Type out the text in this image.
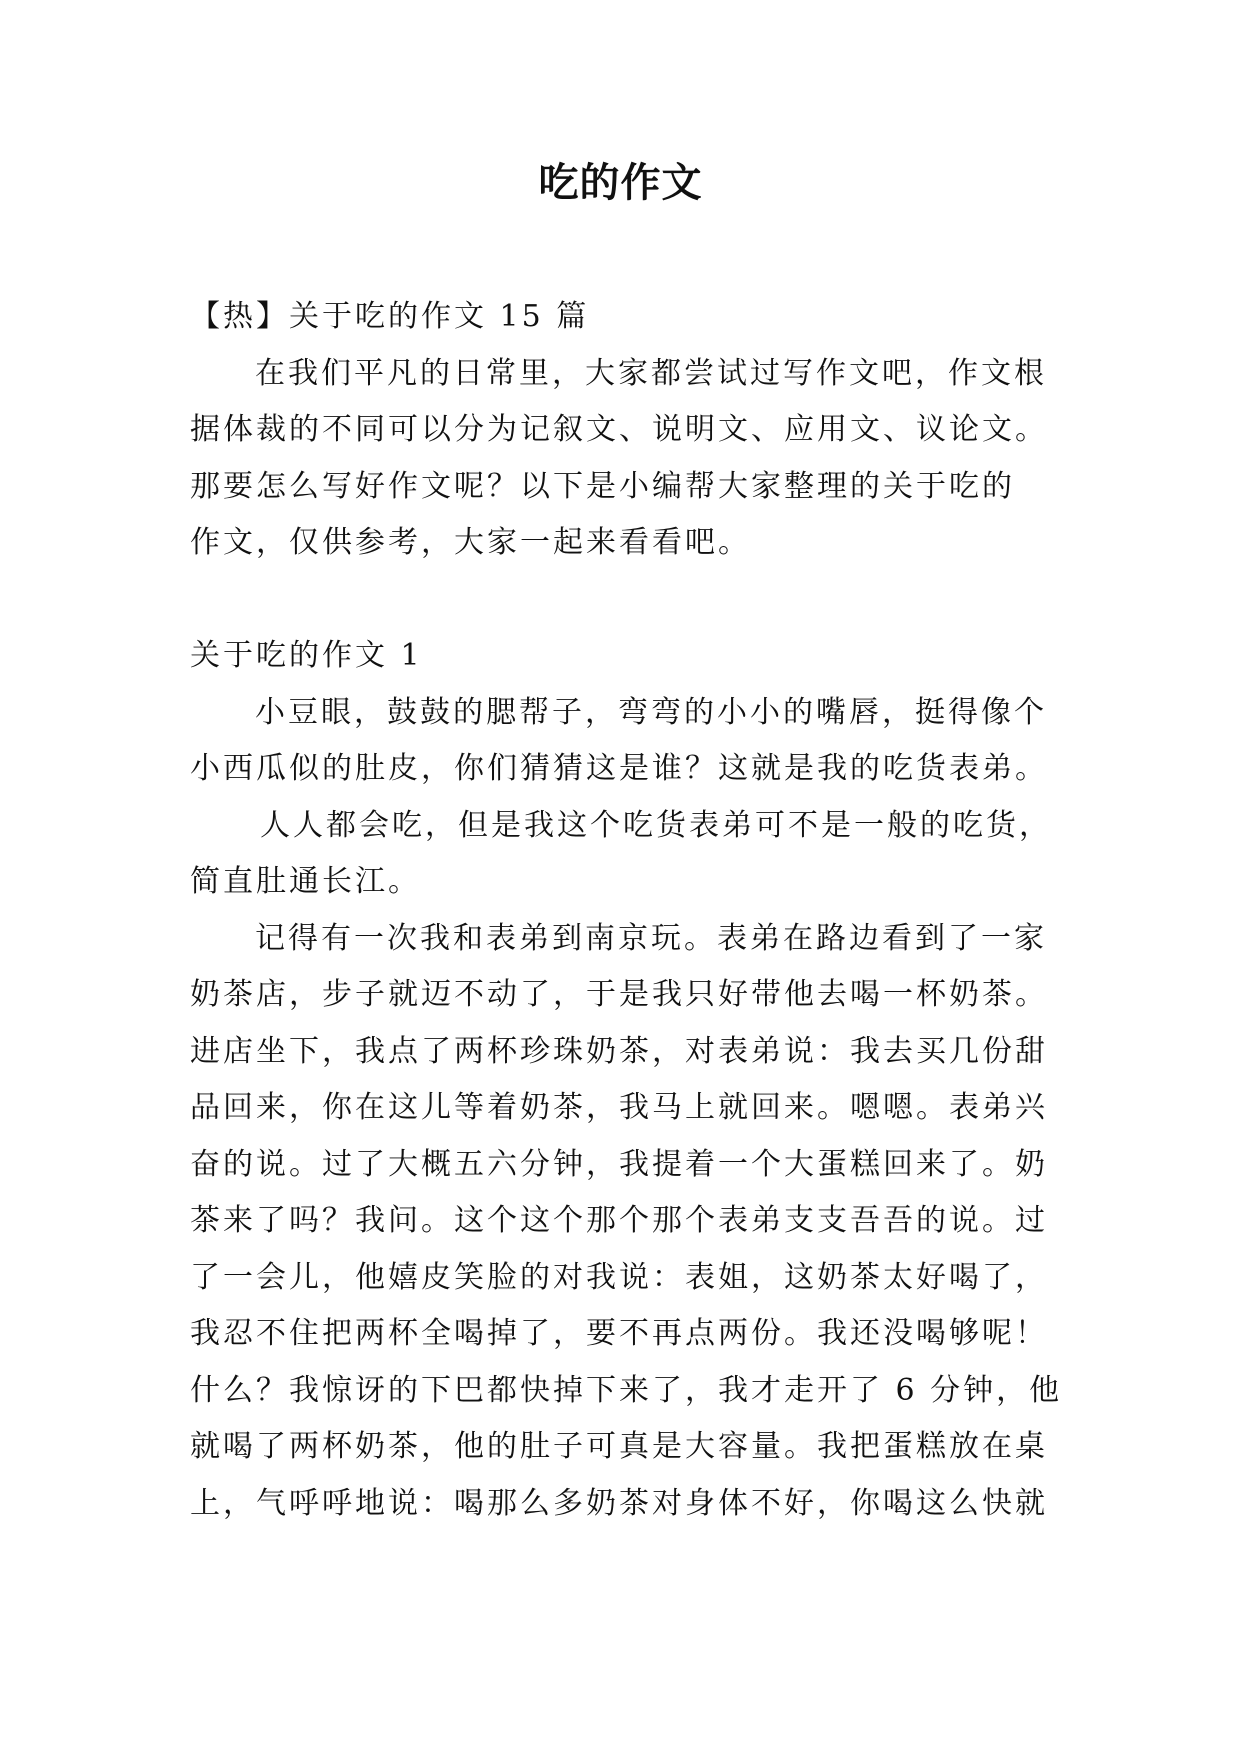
吃的作文
【热】关于吃的作文 15 篇
在我们平凡的日常里，大家都尝试过写作文吧，作文根
据体裁的不同可以分为记叙文、说明文、应用文、议论文。
那要怎么写好作文呢？以下是小编帮大家整理的关于吃的
作文，仅供参考，大家一起来看看吧。
关于吃的作文 1
小豆眼，鼓鼓的腮帮子，弯弯的小小的嘴唇，挺得像个
小西瓜似的肚皮，你们猜猜这是谁？这就是我的吃货表弟。
人人都会吃，但是我这个吃货表弟可不是一般的吃货，
简直肚通长江。
记得有一次我和表弟到南京玩。表弟在路边看到了一家
奶茶店，步子就迈不动了，于是我只好带他去喝一杯奶茶。
进店坐下，我点了两杯珍珠奶茶，对表弟说：我去买几份甜
品回来，你在这儿等着奶茶，我马上就回来。嗯嗯。表弟兴
奋的说。过了大概五六分钟，我提着一个大蛋糕回来了。奶
茶来了吗？我问。这个这个那个那个表弟支支吾吾的说。过
了一会儿，他嬉皮笑脸的对我说：表姐，这奶茶太好喝了，
我忍不住把两杯全喝掉了，要不再点两份。我还没喝够呢！
什么？我惊讶的下巴都快掉下来了，我才走开了 6 分钟，他
就喝了两杯奶茶，他的肚子可真是大容量。我把蛋糕放在桌
上，气呼呼地说：喝那么多奶茶对身体不好，你喝这么快就
